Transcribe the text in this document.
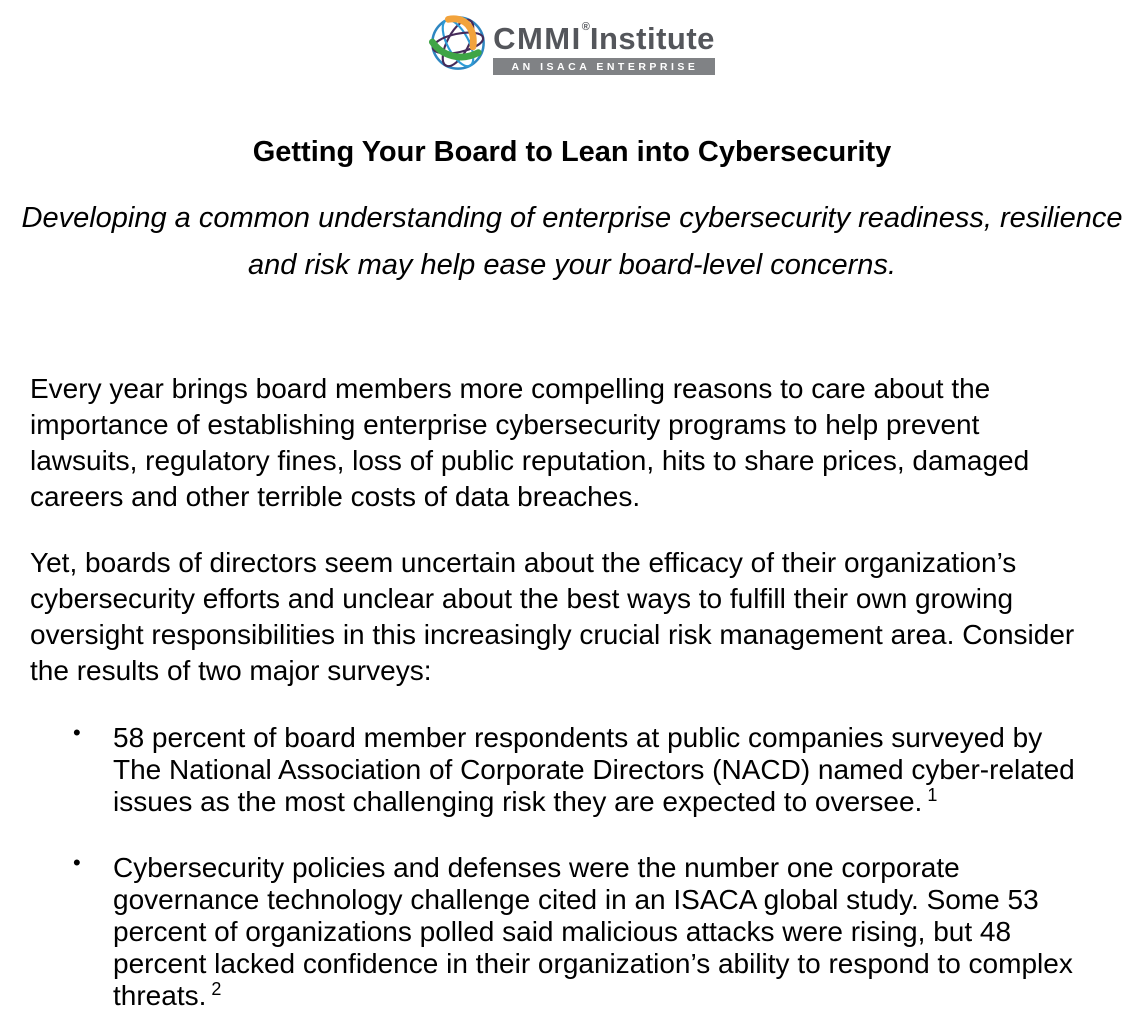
CMMI®Institute
AN ISACA ENTERPRISE
Getting Your Board to Lean into Cybersecurity
Developing a common understanding of enterprise cybersecurity readiness, resilience
and risk may help ease your board-level concerns.

Every year brings board members more compelling reasons to care about the importance of establishing enterprise cybersecurity programs to help prevent lawsuits, regulatory fines, loss of public reputation, hits to share prices, damaged careers and other terrible costs of data breaches.

Yet, boards of directors seem uncertain about the efficacy of their organization’s cybersecurity efforts and unclear about the best ways to fulfill their own growing oversight responsibilities in this increasingly crucial risk management area. Consider the results of two major surveys:

• 58 percent of board member respondents at public companies surveyed by The National Association of Corporate Directors (NACD) named cyber-related issues as the most challenging risk they are expected to oversee. $^1$
• Cybersecurity policies and defenses were the number one corporate governance technology challenge cited in an ISACA global study. Some 53 percent of organizations polled said malicious attacks were rising, but 48 percent lacked confidence in their organization’s ability to respond to complex threats. $^2$
